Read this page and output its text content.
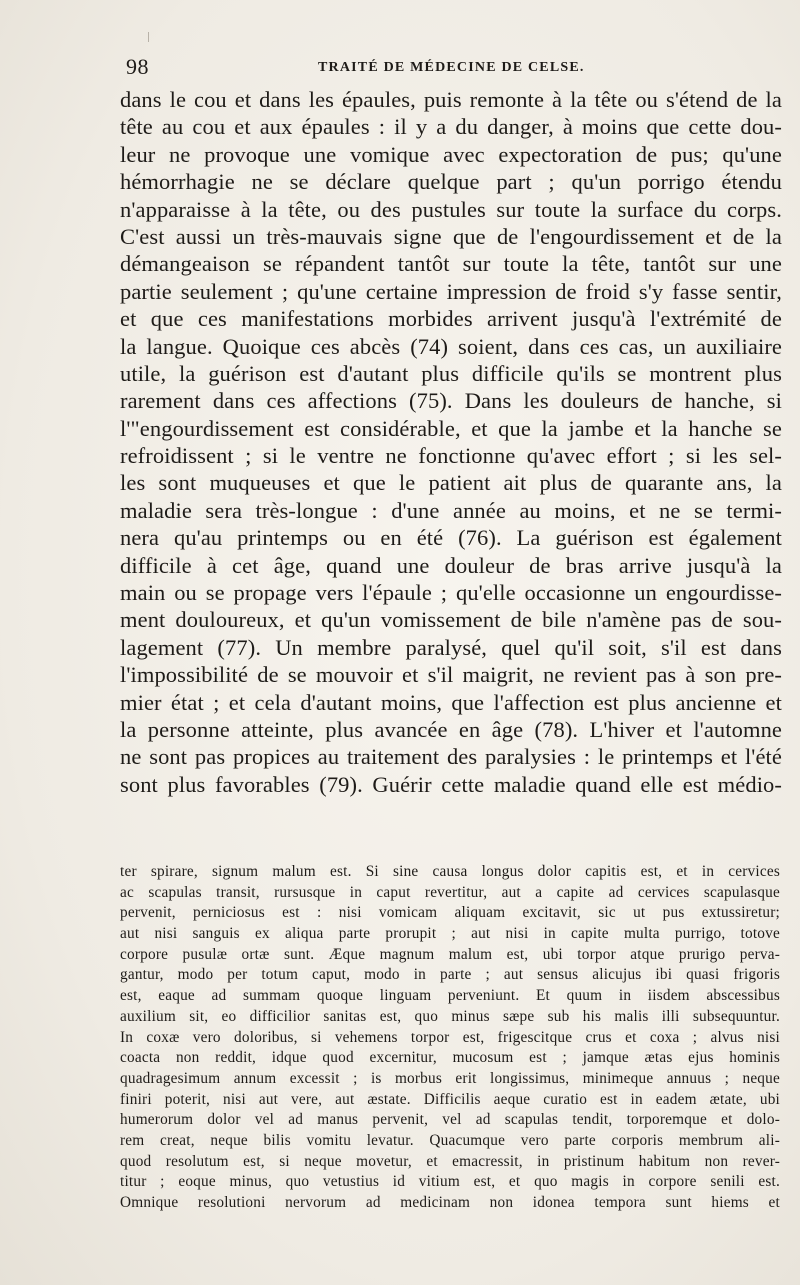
98	TRAITÉ DE MÉDECINE DE CELSE.
dans le cou et dans les épaules, puis remonte à la tête ou s'étend de la
tête au cou et aux épaules : il y a du danger, à moins que cette dou-
leur ne provoque une vomique avec expectoration de pus; qu'une
hémorrhagie ne se déclare quelque part ; qu'un porrigo étendu
n'apparaisse à la tête, ou des pustules sur toute la surface du corps.
C'est aussi un très-mauvais signe que de l'engourdissement et de la
démangeaison se répandent tantôt sur toute la tête, tantôt sur une
partie seulement ; qu'une certaine impression de froid s'y fasse sentir,
et que ces manifestations morbides arrivent jusqu'à l'extrémité de
la langue. Quoique ces abcès (74) soient, dans ces cas, un auxiliaire
utile, la guérison est d'autant plus difficile qu'ils se montrent plus
rarement dans ces affections (75). Dans les douleurs de hanche, si
l'"engourdissement est considérable, et que la jambe et la hanche se
refroidissent ; si le ventre ne fonctionne qu'avec effort ; si les sel-
les sont muqueuses et que le patient ait plus de quarante ans, la
maladie sera très-longue : d'une année au moins, et ne se termi-
nera qu'au printemps ou en été (76). La guérison est également
difficile à cet âge, quand une douleur de bras arrive jusqu'à la
main ou se propage vers l'épaule ; qu'elle occasionne un engourdisse-
ment douloureux, et qu'un vomissement de bile n'amène pas de sou-
lagement (77). Un membre paralysé, quel qu'il soit, s'il est dans
l'impossibilité de se mouvoir et s'il maigrit, ne revient pas à son pre-
mier état ; et cela d'autant moins, que l'affection est plus ancienne et
la personne atteinte, plus avancée en âge (78). L'hiver et l'automne
ne sont pas propices au traitement des paralysies : le printemps et l'été
sont plus favorables (79). Guérir cette maladie quand elle est médio-
ter spirare, signum malum est. Si sine causa longus dolor capitis est, et in cervices
ac scapulas transit, rursusque in caput revertitur, aut a capite ad cervices scapulasque
pervenit, perniciosus est : nisi vomicam aliquam excitavit, sic ut pus extussiretur;
aut nisi sanguis ex aliqua parte prorupit ; aut nisi in capite multa purrigo, totove
corpore pusulæ ortæ sunt. Æque magnum malum est, ubi torpor atque prurigo perva-
gantur, modo per totum caput, modo in parte ; aut sensus alicujus ibi quasi frigoris
est, eaque ad summam quoque linguam perveniunt. Et quum in iisdem abscessibus
auxilium sit, eo difficilior sanitas est, quo minus sæpe sub his malis illi subsequuntur.
In coxæ vero doloribus, si vehemens torpor est, frigescitque crus et coxa ; alvus nisi
coacta non reddit, idque quod excernitur, mucosum est ; jamque ætas ejus hominis
quadragesimum annum excessit ; is morbus erit longissimus, minimeque annuus ; neque
finiri poterit, nisi aut vere, aut æstate. Difficilis aeque curatio est in eadem ætate, ubi
humerorum dolor vel ad manus pervenit, vel ad scapulas tendit, torporemque et dolo-
rem creat, neque bilis vomitu levatur. Quacumque vero parte corporis membrum ali-
quod resolutum est, si neque movetur, et emacressit, in pristinum habitum non rever-
titur ; eoque minus, quo vetustius id vitium est, et quo magis in corpore senili est.
Omnique resolutioni nervorum ad medicinam non idonea tempora sunt hiems et
